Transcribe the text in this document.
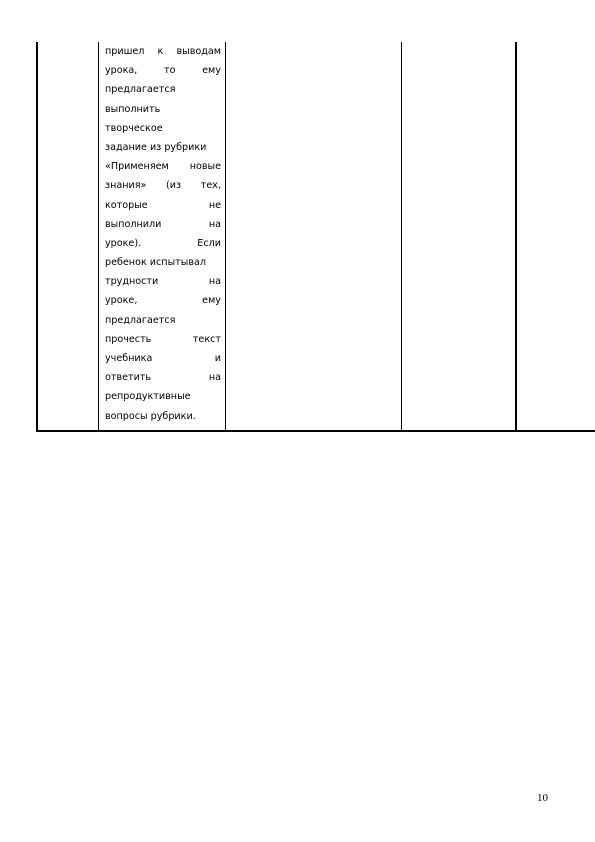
пришел к выводам
урока,	то	ему
предлагается
выполнить
творческое
задание из рубрики
«Применяем новые
знания» (из тех,
которые	не
выполнили	на
уроке).	Если
ребенок испытывал
трудности	на
уроке,	ему
предлагается
прочесть	текст
учебника	и
ответить	на
репродуктивные
вопросы рубрики.
10
